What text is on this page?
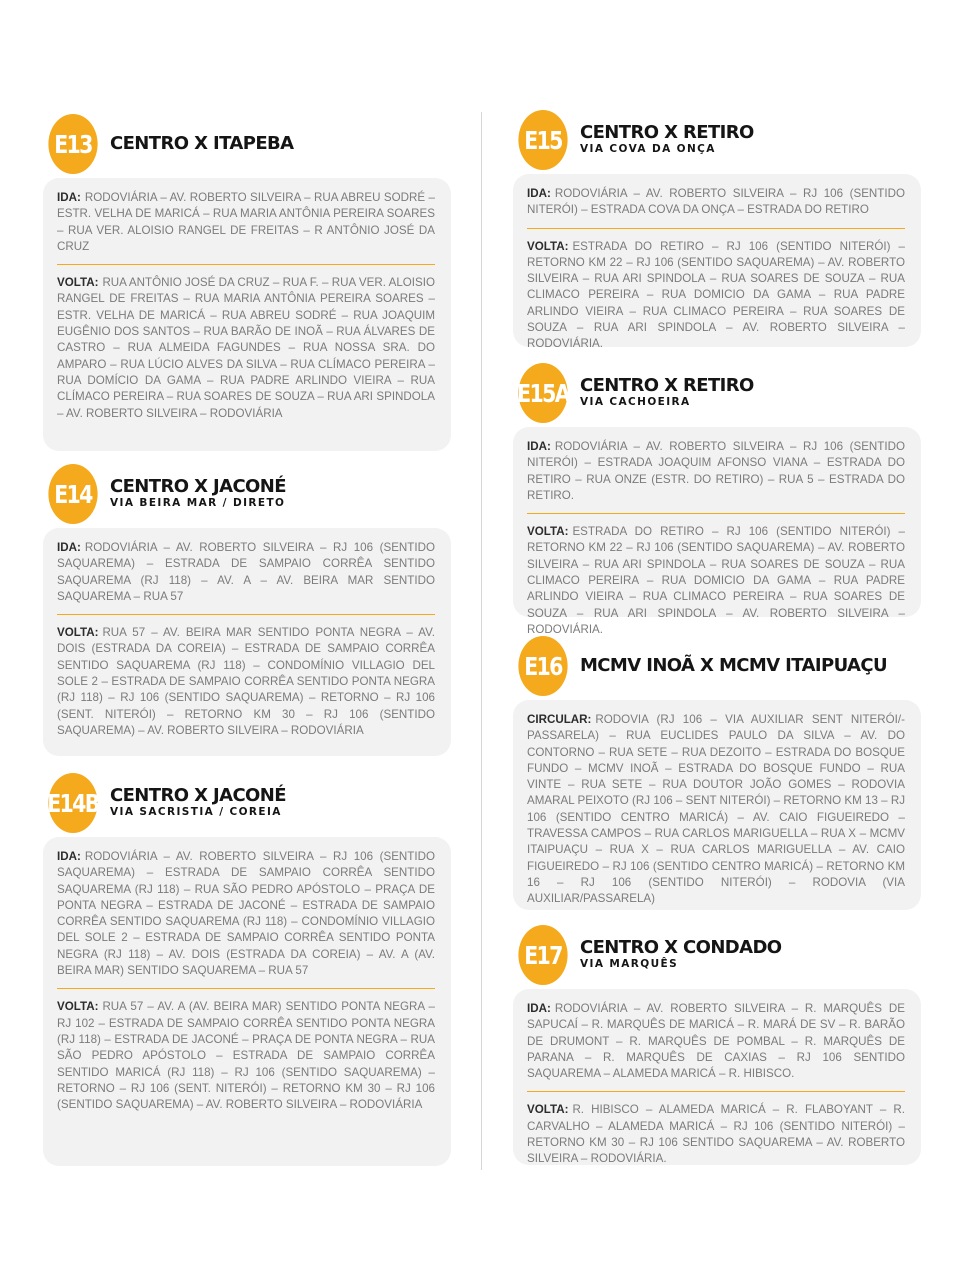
E13	CENTRO X ITAPEBA
IDA: RODOVIÁRIA – AV. ROBERTO SILVEIRA – RUA ABREU SODRÉ – ESTR. VELHA DE MARICÁ – RUA MARIA ANTÔNIA PEREIRA SOARES – RUA VER. ALOISIO RANGEL DE FREITAS – R ANTÔNIO JOSÉ DA CRUZ
VOLTA: RUA ANTÔNIO JOSÉ DA CRUZ – RUA F. – RUA VER. ALOISIO RANGEL DE FREITAS – RUA MARIA ANTÔNIA PEREIRA SOARES – ESTR. VELHA DE MARICÁ – RUA ABREU SODRÉ – RUA JOAQUIM EUGÊNIO DOS SANTOS – RUA BARÃO DE INOÃ – RUA ÁLVARES DE CASTRO – RUA ALMEIDA FAGUNDES – RUA NOSSA SRA. DO AMPARO – RUA LÚCIO ALVES DA SILVA – RUA CLÍMACO PEREIRA – RUA DOMÍCIO DA GAMA – RUA PADRE ARLINDO VIEIRA – RUA CLÍMACO PEREIRA – RUA SOARES DE SOUZA – RUA ARI SPINDOLA – AV. ROBERTO SILVEIRA – RODOVIÁRIA
E14	CENTRO X JACONÉ
VIA BEIRA MAR / DIRETO
IDA: RODOVIÁRIA – AV. ROBERTO SILVEIRA – RJ 106 (SENTIDO SAQUAREMA) – ESTRADA DE SAMPAIO CORRÊA SENTIDO SAQUAREMA (RJ 118) – AV. A – AV. BEIRA MAR SENTIDO SAQUAREMA – RUA 57
VOLTA: RUA 57 – AV. BEIRA MAR SENTIDO PONTA NEGRA – AV. DOIS (ESTRADA DA COREIA) – ESTRADA DE SAMPAIO CORRÊA SENTIDO SAQUAREMA (RJ 118) – CONDOMÍNIO VILLAGIO DEL SOLE 2 – ESTRADA DE SAMPAIO CORRÊA SENTIDO PONTA NEGRA (RJ 118) – RJ 106 (SENTIDO SAQUAREMA) – RETORNO – RJ 106 (SENT. NITERÓI) – RETORNO KM 30 – RJ 106 (SENTIDO SAQUAREMA) – AV. ROBERTO SILVEIRA – RODOVIÁRIA
E14B CENTRO X JACONÉ
VIA SACRISTIA / COREIA
IDA: RODOVIÁRIA – AV. ROBERTO SILVEIRA – RJ 106 (SENTIDO SAQUAREMA) – ESTRADA DE SAMPAIO CORRÊA SENTIDO SAQUAREMA (RJ 118) – RUA SÃO PEDRO APÓSTOLO – PRAÇA DE PONTA NEGRA – ESTRADA DE JACONÉ – ESTRADA DE SAMPAIO CORRÊA SENTIDO SAQUAREMA (RJ 118) – CONDOMÍNIO VILLAGIO DEL SOLE 2 – ESTRADA DE SAMPAIO CORRÊA SENTIDO PONTA NEGRA (RJ 118) – AV. DOIS (ESTRADA DA COREIA) – AV. A (AV. BEIRA MAR) SENTIDO SAQUAREMA – RUA 57
VOLTA: RUA 57 – AV. A (AV. BEIRA MAR) SENTIDO PONTA NEGRA – RJ 102 – ESTRADA DE SAMPAIO CORRÊA SENTIDO PONTA NEGRA (RJ 118) – ESTRADA DE JACONÉ – PRAÇA DE PONTA NEGRA – RUA SÃO PEDRO APÓSTOLO – ESTRADA DE SAMPAIO CORRÊA SENTIDO MARICÁ (RJ 118) – RJ 106 (SENTIDO SAQUAREMA) – RETORNO – RJ 106 (SENT. NITERÓI) – RETORNO KM 30 – RJ 106 (SENTIDO SAQUAREMA) – AV. ROBERTO SILVEIRA – RODOVIÁRIA
E15	CENTRO X RETIRO
VIA COVA DA ONÇA
IDA: RODOVIÁRIA – AV. ROBERTO SILVEIRA – RJ 106 (SENTIDO NITERÓI) – ESTRADA COVA DA ONÇA – ESTRADA DO RETIRO
VOLTA: ESTRADA DO RETIRO – RJ 106 (SENTIDO NITERÓI) – RETORNO KM 22 – RJ 106 (SENTIDO SAQUAREMA) – AV. ROBERTO SILVEIRA – RUA ARI SPINDOLA – RUA SOARES DE SOUZA – RUA CLIMACO PEREIRA – RUA DOMICIO DA GAMA – RUA PADRE ARLINDO VIEIRA – RUA CLIMACO PEREIRA – RUA SOARES DE SOUZA – RUA ARI SPINDOLA – AV. ROBERTO SILVEIRA – RODOVIÁRIA.
E15A CENTRO X RETIRO
VIA CACHOEIRA
IDA: RODOVIÁRIA – AV. ROBERTO SILVEIRA – RJ 106 (SENTIDO NITERÓI) – ESTRADA JOAQUIM AFONSO VIANA – ESTRADA DO RETIRO – RUA ONZE (ESTR. DO RETIRO) – RUA 5 – ESTRADA DO RETIRO.
VOLTA: ESTRADA DO RETIRO – RJ 106 (SENTIDO NITERÓI) – RETORNO KM 22 – RJ 106 (SENTIDO SAQUAREMA) – AV. ROBERTO SILVEIRA – RUA ARI SPINDOLA – RUA SOARES DE SOUZA – RUA CLIMACO PEREIRA – RUA DOMICIO DA GAMA – RUA PADRE ARLINDO VIEIRA – RUA CLIMACO PEREIRA – RUA SOARES DE SOUZA – RUA ARI SPINDOLA – AV. ROBERTO SILVEIRA – RODOVIÁRIA.
E16	MCMV INOÃ X MCMV ITAIPUAÇU
CIRCULAR: RODOVIA (RJ 106 – VIA AUXILIAR SENT NITERÓI/-PASSARELA) – RUA EUCLIDES PAULO DA SILVA – AV. DO CONTORNO – RUA SETE – RUA DEZOITO – ESTRADA DO BOSQUE FUNDO – MCMV INOÃ – ESTRADA DO BOSQUE FUNDO – RUA VINTE – RUA SETE – RUA DOUTOR JOÃO GOMES – RODOVIA AMARAL PEIXOTO (RJ 106 – SENT NITERÓI) – RETORNO KM 13 – RJ 106 (SENTIDO CENTRO MARICÁ) – AV. CAIO FIGUEIREDO – TRAVESSA CAMPOS – RUA CARLOS MARIGUELLA – RUA X – MCMV ITAIPUAÇU – RUA X – RUA CARLOS MARIGUELLA – AV. CAIO FIGUEIREDO – RJ 106 (SENTIDO CENTRO MARICÁ) – RETORNO KM 16 – RJ 106 (SENTIDO NITERÓI) – RODOVIA (VIA AUXILIAR/PASSARELA)
E17	CENTRO X CONDADO
VIA MARQUÊS
IDA: RODOVIÁRIA – AV. ROBERTO SILVEIRA – R. MARQUÊS DE SAPUCAÍ – R. MARQUÊS DE MARICÁ – R. MARÁ DE SV – R. BARÃO DE DRUMONT – R. MARQUÊS DE POMBAL – R. MARQUÊS DE PARANA – R. MARQUÊS DE CAXIAS – RJ 106 SENTIDO SAQUAREMA – ALAMEDA MARICÁ – R. HIBISCO.
VOLTA: R. HIBISCO – ALAMEDA MARICÁ – R. FLABOYANT – R. CARVALHO – ALAMEDA MARICÁ – RJ 106 (SENTIDO NITERÓI) – RETORNO KM 30 – RJ 106 SENTIDO SAQUAREMA – AV. ROBERTO SILVEIRA – RODOVIÁRIA.
